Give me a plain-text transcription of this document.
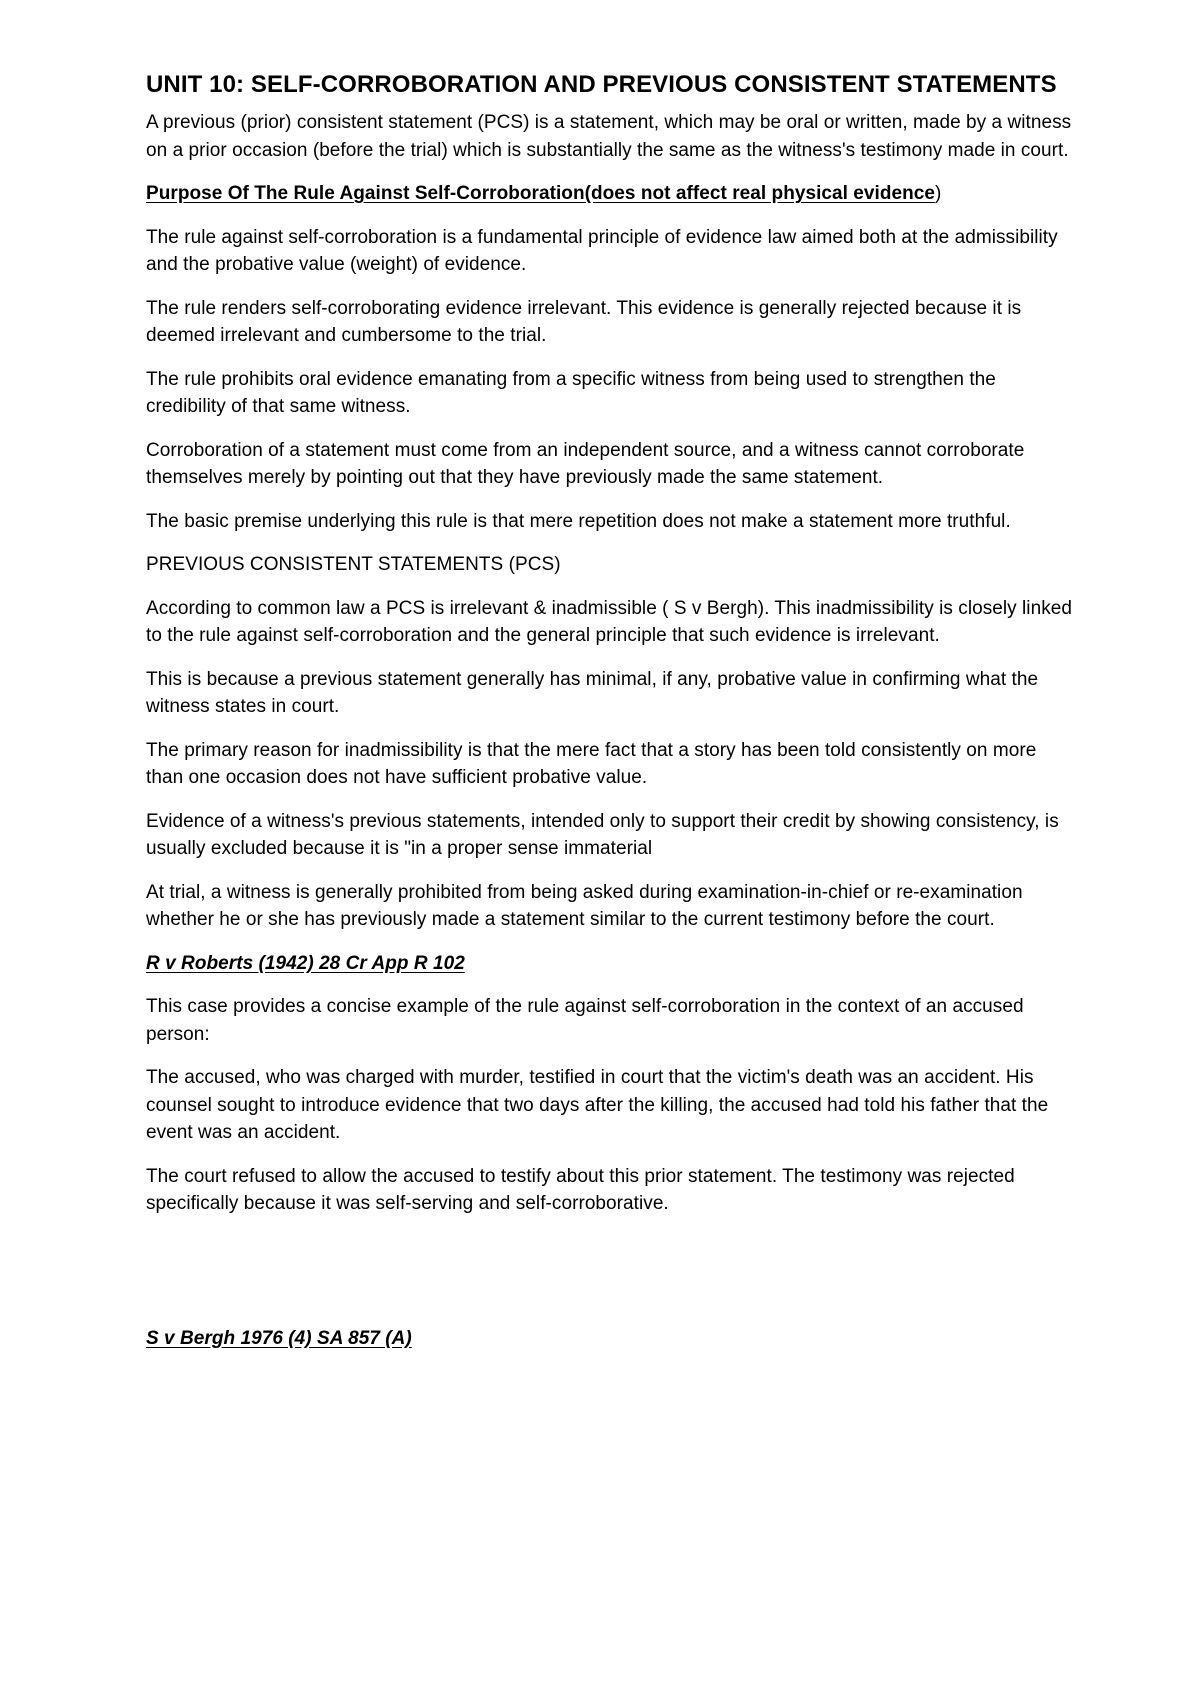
UNIT 10: SELF-CORROBORATION AND PREVIOUS CONSISTENT STATEMENTS

A previous (prior) consistent statement (PCS) is a statement, which may be oral or written, made by a witness on a prior occasion (before the trial) which is substantially the same as the witness's testimony made in court.

Purpose Of The Rule Against Self-Corroboration(does not affect real physical evidence)

The rule against self-corroboration is a fundamental principle of evidence law aimed both at the admissibility and the probative value (weight) of evidence.

The rule renders self-corroborating evidence irrelevant. This evidence is generally rejected because it is deemed irrelevant and cumbersome to the trial.

The rule prohibits oral evidence emanating from a specific witness from being used to strengthen the credibility of that same witness.

Corroboration of a statement must come from an independent source, and a witness cannot corroborate themselves merely by pointing out that they have previously made the same statement.

The basic premise underlying this rule is that mere repetition does not make a statement more truthful.

PREVIOUS CONSISTENT STATEMENTS (PCS)

According to common law a PCS is irrelevant & inadmissible ( S v Bergh). This inadmissibility is closely linked to the rule against self-corroboration and the general principle that such evidence is irrelevant.

This is because a previous statement generally has minimal, if any, probative value in confirming what the witness states in court.

The primary reason for inadmissibility is that the mere fact that a story has been told consistently on more than one occasion does not have sufficient probative value.

Evidence of a witness's previous statements, intended only to support their credit by showing consistency, is usually excluded because it is "in a proper sense immaterial

At trial, a witness is generally prohibited from being asked during examination-in-chief or re-examination whether he or she has previously made a statement similar to the current testimony before the court.

R v Roberts (1942) 28 Cr App R 102

This case provides a concise example of the rule against self-corroboration in the context of an accused person:

The accused, who was charged with murder, testified in court that the victim's death was an accident. His counsel sought to introduce evidence that two days after the killing, the accused had told his father that the event was an accident.

The court refused to allow the accused to testify about this prior statement. The testimony was rejected specifically because it was self-serving and self-corroborative.

S v Bergh 1976 (4) SA 857 (A)
